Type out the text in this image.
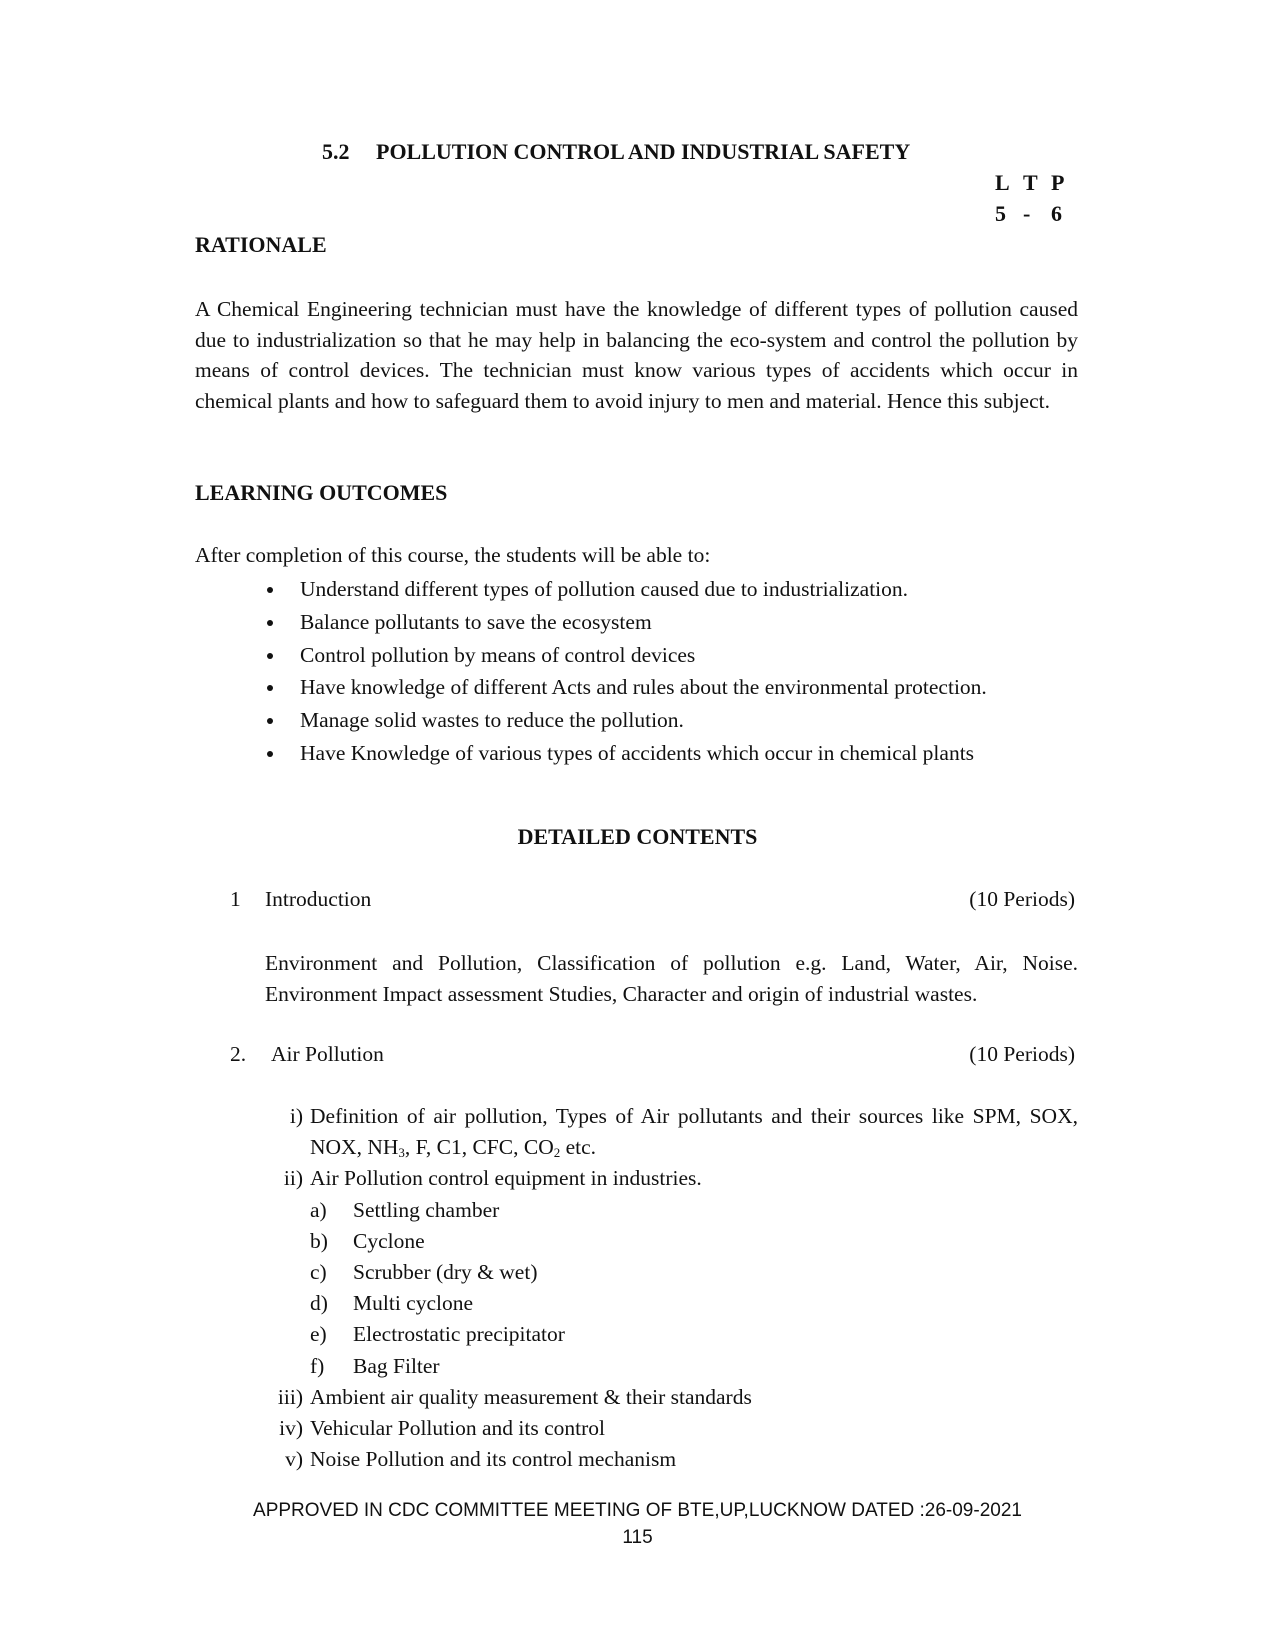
5.2 POLLUTION CONTROL AND INDUSTRIAL SAFETY
L T P
5 - 6
RATIONALE
A Chemical Engineering technician must have the knowledge of different types of pollution caused due to industrialization so that he may help in balancing the eco-system and control the pollution by means of control devices. The technician must know various types of accidents which occur in chemical plants and how to safeguard them to avoid injury to men and material. Hence this subject.
LEARNING OUTCOMES
After completion of this course, the students will be able to:
Understand different types of pollution caused due to industrialization.
Balance pollutants to save the ecosystem
Control pollution by means of control devices
Have knowledge of different Acts and rules about the environmental protection.
Manage solid wastes to reduce the pollution.
Have Knowledge of various types of accidents which occur in chemical plants
DETAILED CONTENTS
1 Introduction	(10 Periods)
Environment and Pollution, Classification of pollution e.g. Land, Water, Air, Noise. Environment Impact assessment Studies, Character and origin of industrial wastes.
2. Air Pollution	(10 Periods)
i) Definition of air pollution, Types of Air pollutants and their sources like SPM, SOX, NOX, $NH_3$, F, C1, CFC, $CO_2$ etc.
ii) Air Pollution control equipment in industries.
a) Settling chamber
b) Cyclone
c) Scrubber (dry & wet)
d) Multi cyclone
e) Electrostatic precipitator
f) Bag Filter
iii) Ambient air quality measurement & their standards
iv) Vehicular Pollution and its control
v) Noise Pollution and its control mechanism
APPROVED IN CDC COMMITTEE MEETING OF BTE,UP,LUCKNOW DATED :26-09-2021
115
